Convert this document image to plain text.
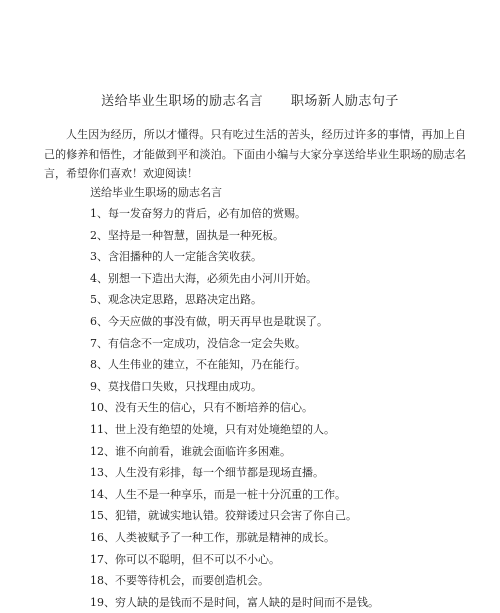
送给毕业生职场的励志名言      职场新人励志句子

人生因为经历，所以才懂得。只有吃过生活的苦头，经历过许多的事情，再加上自己的修养和悟性，才能做到平和淡泊。下面由小编与大家分享送给毕业生职场的励志名言，希望你们喜欢！欢迎阅读！

送给毕业生职场的励志名言

1、每一发奋努力的背后，必有加倍的赏赐。
2、坚持是一种智慧，固执是一种死板。
3、含泪播种的人一定能含笑收获。
4、别想一下造出大海，必须先由小河川开始。
5、观念决定思路，思路决定出路。
6、今天应做的事没有做，明天再早也是耽误了。
7、有信念不一定成功，没信念一定会失败。
8、人生伟业的建立，不在能知，乃在能行。
9、莫找借口失败，只找理由成功。
10、没有天生的信心，只有不断培养的信心。
11、世上没有绝望的处境，只有对处境绝望的人。
12、谁不向前看，谁就会面临许多困难。
13、人生没有彩排，每一个细节都是现场直播。
14、人生不是一种享乐，而是一桩十分沉重的工作。
15、犯错，就诚实地认错。狡辩诿过只会害了你自己。
16、人类被赋予了一种工作，那就是精神的成长。
17、你可以不聪明，但不可以不小心。
18、不要等待机会，而要创造机会。
19、穷人缺的是钱而不是时间，富人缺的是时间而不是钱。
